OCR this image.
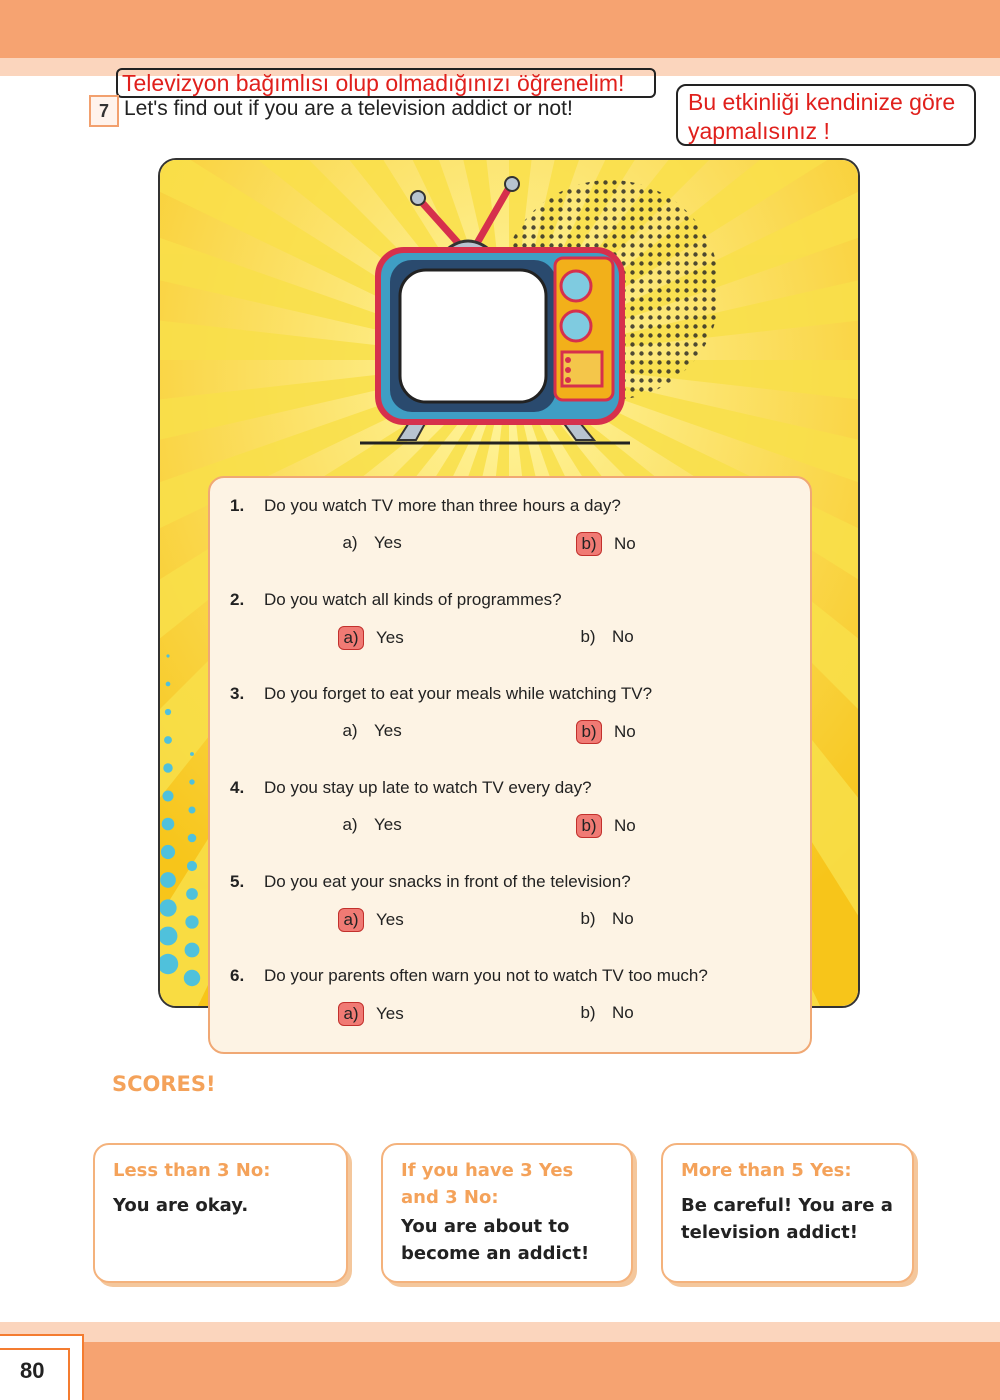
Televizyon bağımlısı olup olmadığınızı öğrenelim!
7 Let's find out if you are a television addict or not!	Bu etkinliği kendinize göre yapmalısınız !
1. Do you watch TV more than three hours a day?
a) Yes	b) No
2. Do you watch all kinds of programmes?
a) Yes	b) No
3. Do you forget to eat your meals while watching TV?
a) Yes	b) No
4. Do you stay up late to watch TV every day?
a) Yes	b) No
5. Do you eat your snacks in front of the television?
a) Yes	b) No
6. Do your parents often warn you not to watch TV too much?
a) Yes	b) No
SCORES!
Less than 3 No:
You are okay.
If you have 3 Yes and 3 No:
You are about to become an addict!
More than 5 Yes:
Be careful! You are a television addict!
80
